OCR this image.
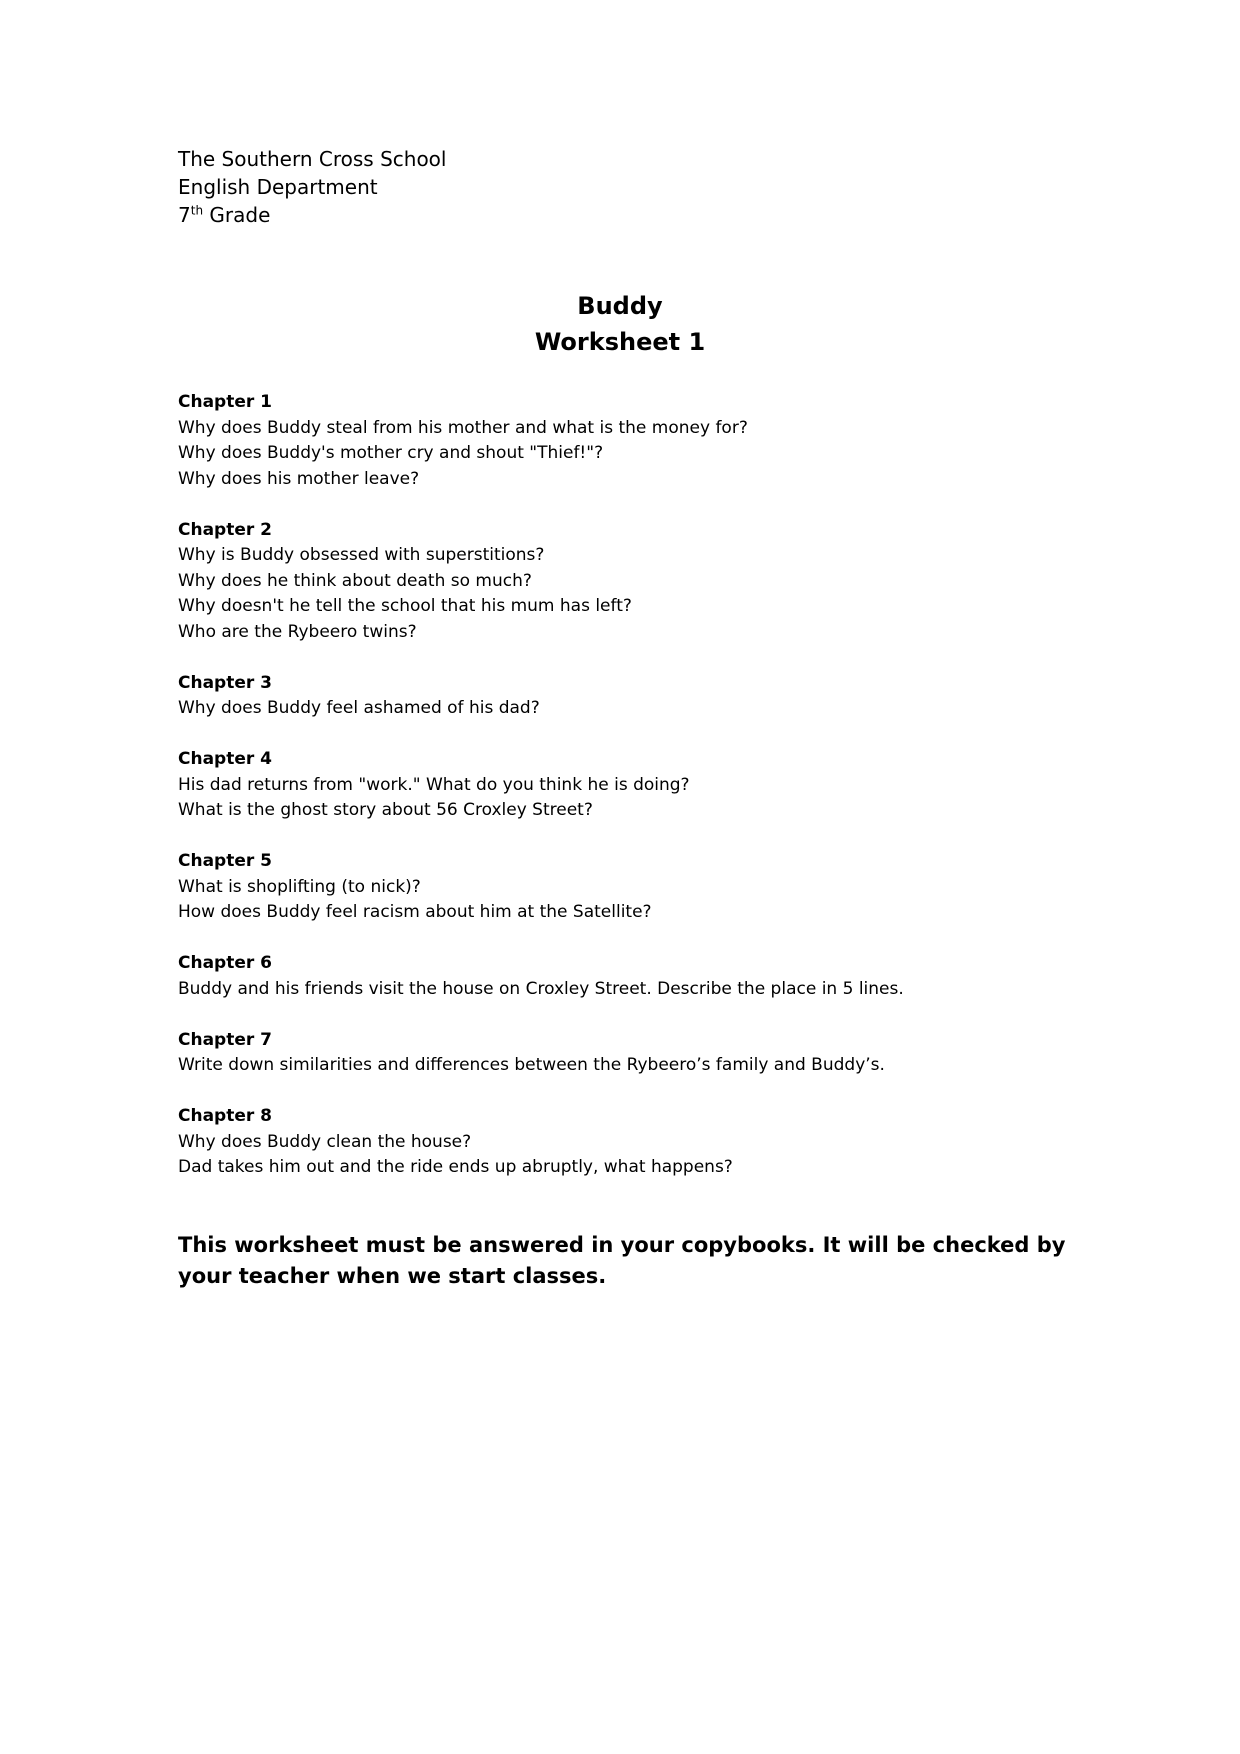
The Southern Cross School
English Department
7th Grade
Buddy
Worksheet 1
Chapter 1
Why does Buddy steal from his mother and what is the money for?
Why does Buddy's mother cry and shout "Thief!"?
Why does his mother leave?
Chapter 2
Why is Buddy obsessed with superstitions?
Why does he think about death so much?
Why doesn't he tell the school that his mum has left?
Who are the Rybeero twins?
Chapter 3
Why does Buddy feel ashamed of his dad?
Chapter 4
His dad returns from "work." What do you think he is doing?
What is the ghost story about 56 Croxley Street?
Chapter 5
What is shoplifting (to nick)?
How does Buddy feel racism about him at the Satellite?
Chapter 6
Buddy and his friends visit the house on Croxley Street. Describe the place in 5 lines.
Chapter 7
Write down similarities and differences between the Rybeero’s family and Buddy’s.
Chapter 8
Why does Buddy clean the house?
Dad takes him out and the ride ends up abruptly, what happens?
This worksheet must be answered in your copybooks. It will be checked by your teacher when we start classes.
